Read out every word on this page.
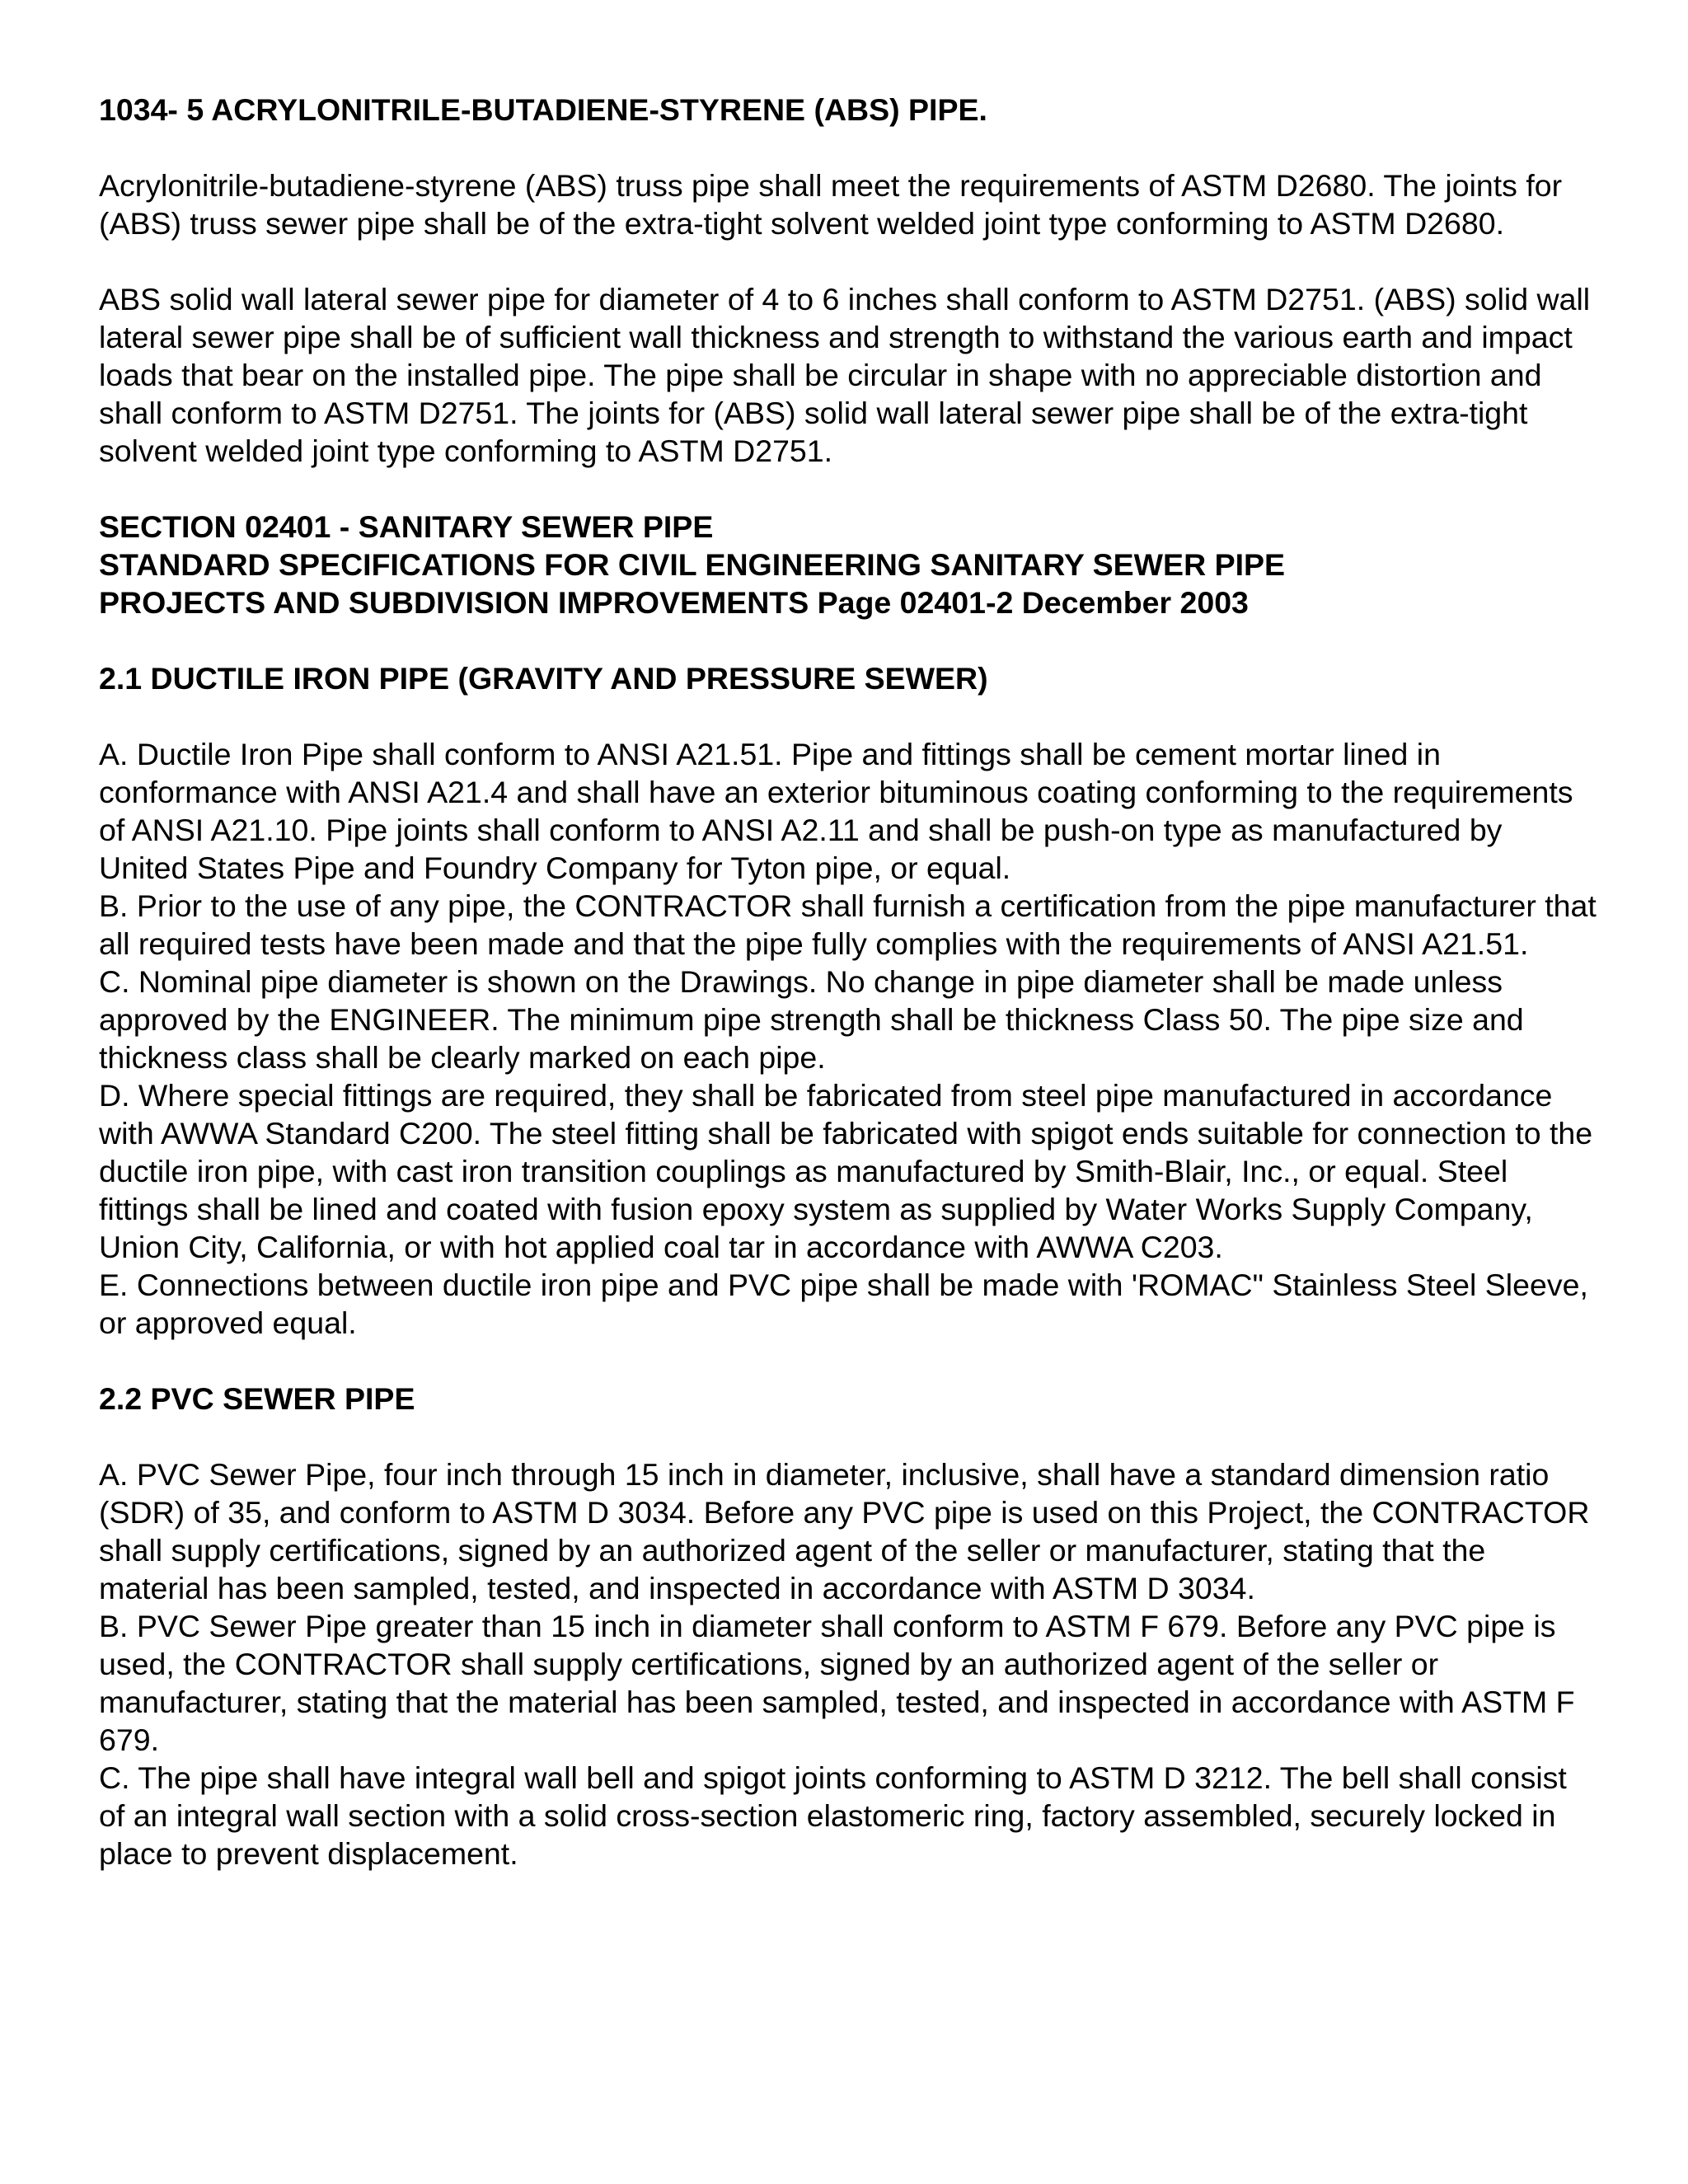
1034- 5 ACRYLONITRILE-BUTADIENE-STYRENE (ABS) PIPE.

Acrylonitrile-butadiene-styrene (ABS) truss pipe shall meet the requirements of ASTM D2680. The joints for (ABS) truss sewer pipe shall be of the extra-tight solvent welded joint type conforming to ASTM D2680.

ABS solid wall lateral sewer pipe for diameter of 4 to 6 inches shall conform to ASTM D2751. (ABS) solid wall lateral sewer pipe shall be of sufficient wall thickness and strength to withstand the various earth and impact loads that bear on the installed pipe. The pipe shall be circular in shape with no appreciable distortion and shall conform to ASTM D2751. The joints for (ABS) solid wall lateral sewer pipe shall be of the extra-tight solvent welded joint type conforming to ASTM D2751.

SECTION 02401 - SANITARY SEWER PIPE

STANDARD SPECIFICATIONS FOR CIVIL ENGINEERING SANITARY SEWER PIPE

PROJECTS AND SUBDIVISION IMPROVEMENTS Page 02401-2 December 2003

2.1 DUCTILE IRON PIPE (GRAVITY AND PRESSURE SEWER)

A. Ductile Iron Pipe shall conform to ANSI A21.51. Pipe and fittings shall be cement mortar lined in conformance with ANSI A21.4 and shall have an exterior bituminous coating conforming to the requirements of ANSI A21.10. Pipe joints shall conform to ANSI A2.11 and shall be push-on type as manufactured by United States Pipe and Foundry Company for Tyton pipe, or equal.

B. Prior to the use of any pipe, the CONTRACTOR shall furnish a certification from the pipe manufacturer that all required tests have been made and that the pipe fully complies with the requirements of ANSI A21.51.

C. Nominal pipe diameter is shown on the Drawings. No change in pipe diameter shall be made unless approved by the ENGINEER. The minimum pipe strength shall be thickness Class 50. The pipe size and thickness class shall be clearly marked on each pipe.

D. Where special fittings are required, they shall be fabricated from steel pipe manufactured in accordance with AWWA Standard C200. The steel fitting shall be fabricated with spigot ends suitable for connection to the ductile iron pipe, with cast iron transition couplings as manufactured by Smith-Blair, Inc., or equal. Steel fittings shall be lined and coated with fusion epoxy system as supplied by Water Works Supply Company, Union City, California, or with hot applied coal tar in accordance with AWWA C203.

E. Connections between ductile iron pipe and PVC pipe shall be made with 'ROMAC" Stainless Steel Sleeve, or approved equal.

2.2 PVC SEWER PIPE

A. PVC Sewer Pipe, four inch through 15 inch in diameter, inclusive, shall have a standard dimension ratio (SDR) of 35, and conform to ASTM D 3034. Before any PVC pipe is used on this Project, the CONTRACTOR shall supply certifications, signed by an authorized agent of the seller or manufacturer, stating that the material has been sampled, tested, and inspected in accordance with ASTM D 3034.

B. PVC Sewer Pipe greater than 15 inch in diameter shall conform to ASTM F 679. Before any PVC pipe is used, the CONTRACTOR shall supply certifications, signed by an authorized agent of the seller or manufacturer, stating that the material has been sampled, tested, and inspected in accordance with ASTM F 679.

C. The pipe shall have integral wall bell and spigot joints conforming to ASTM D 3212. The bell shall consist of an integral wall section with a solid cross-section elastomeric ring, factory assembled, securely locked in place to prevent displacement.
